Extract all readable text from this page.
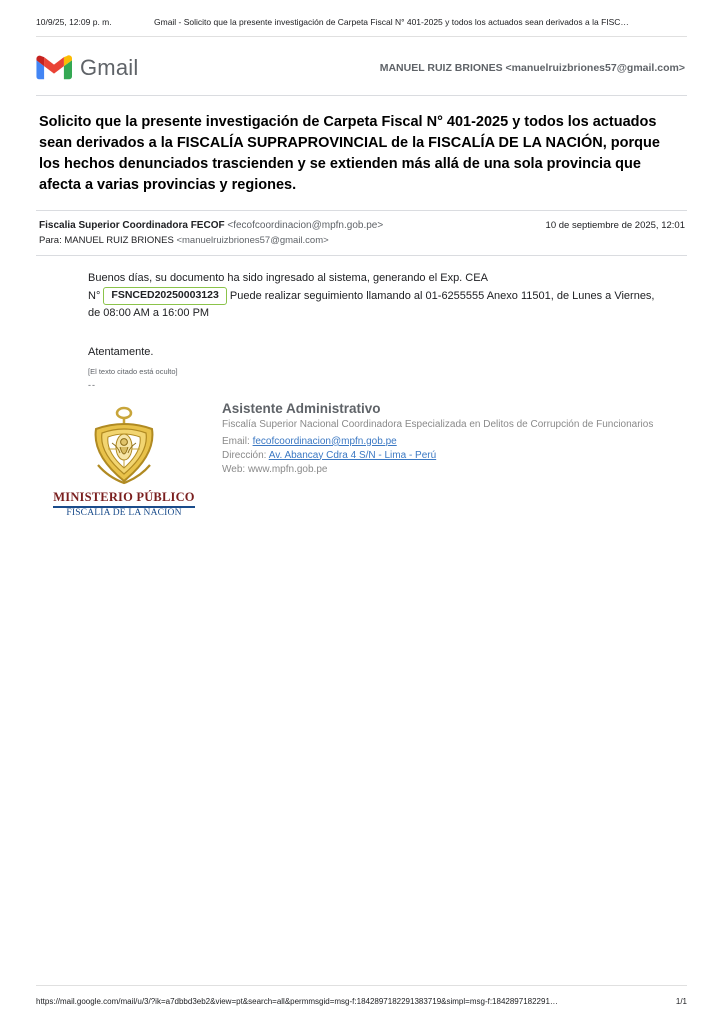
10/9/25, 12:09 p. m.	Gmail - Solicito que la presente investigación de Carpeta Fiscal N° 401-2025 y todos los actuados sean derivados a la FISC…
Gmail	MANUEL RUIZ BRIONES <manuelruizbriones57@gmail.com>
Solicito que la presente investigación de Carpeta Fiscal N° 401-2025 y todos los actuados sean derivados a la FISCALÍA SUPRAPROVINCIAL de la FISCALÍA DE LA NACIÓN, porque los hechos denunciados trascienden y se extienden más allá de una sola provincia que afecta a varias provincias y regiones.
Fiscalia Superior Coordinadora FECOF <fecofcoordinacion@mpfn.gob.pe>	10 de septiembre de 2025, 12:01
Para: MANUEL RUIZ BRIONES <manuelruizbriones57@gmail.com>

Buenos días, su documento ha sido ingresado al sistema, generando el Exp. CEA
N° FSNCED20250003123 Puede realizar seguimiento llamando al 01-6255555 Anexo 11501, de Lunes a Viernes, de 08:00 AM a 16:00 PM

Atentamente.
[El texto citado está oculto]
--
MINISTERIO PÚBLICO
FISCALÍA DE LA NACIÓN
Asistente Administrativo
Fiscalía Superior Nacional Coordinadora Especializada en Delitos de Corrupción de Funcionarios
Email: fecofcoordinacion@mpfn.gob.pe
Dirección: Av. Abancay Cdra 4 S/N - Lima - Perú
Web: www.mpfn.gob.pe
https://mail.google.com/mail/u/3/?ik=a7dbbd3eb2&view=pt&search=all&permmsgid=msg-f:1842897182291383719&simpl=msg-f:1842897182291…	1/1
